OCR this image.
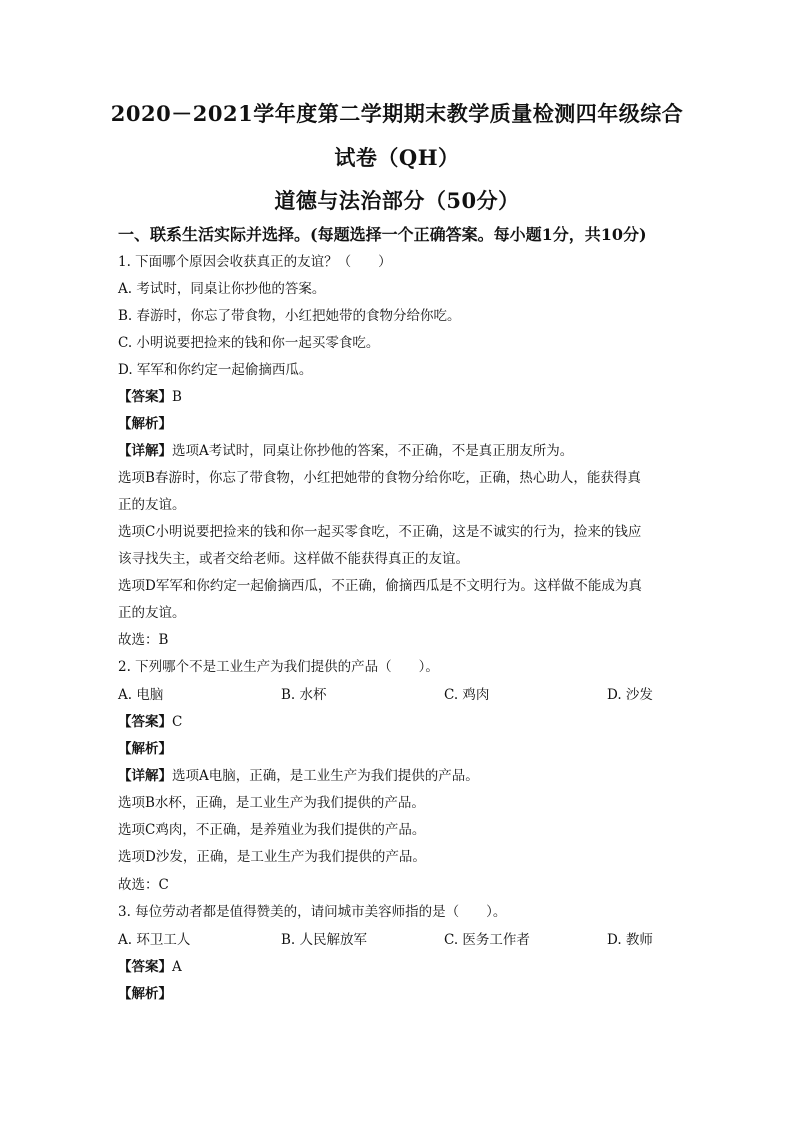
2020－2021学年度第二学期期末教学质量检测四年级综合
试卷（QH）
道德与法治部分（50分）
一、联系生活实际并选择。(每题选择一个正确答案。每小题1分，共10分)
1. 下面哪个原因会收获真正的友谊？（　　）
A. 考试时，同桌让你抄他的答案。
B. 春游时，你忘了带食物，小红把她带的食物分给你吃。
C. 小明说要把捡来的钱和你一起买零食吃。
D. 军军和你约定一起偷摘西瓜。
【答案】B
【解析】
【详解】选项A考试时，同桌让你抄他的答案，不正确，不是真正朋友所为。
选项B春游时，你忘了带食物，小红把她带的食物分给你吃，正确，热心助人，能获得真
正的友谊。
选项C小明说要把捡来的钱和你一起买零食吃，不正确，这是不诚实的行为，捡来的钱应
该寻找失主，或者交给老师。这样做不能获得真正的友谊。
选项D军军和你约定一起偷摘西瓜，不正确，偷摘西瓜是不文明行为。这样做不能成为真
正的友谊。
故选：B
2. 下列哪个不是工业生产为我们提供的产品（　　）。
A. 电脑	B. 水杯	C. 鸡肉	D. 沙发
【答案】C
【解析】
【详解】选项A电脑，正确，是工业生产为我们提供的产品。
选项B水杯，正确，是工业生产为我们提供的产品。
选项C鸡肉，不正确，是养殖业为我们提供的产品。
选项D沙发，正确，是工业生产为我们提供的产品。
故选：C
3. 每位劳动者都是值得赞美的，请问城市美容师指的是（　　）。
A. 环卫工人	B. 人民解放军	C. 医务工作者	D. 教师
【答案】A
【解析】
